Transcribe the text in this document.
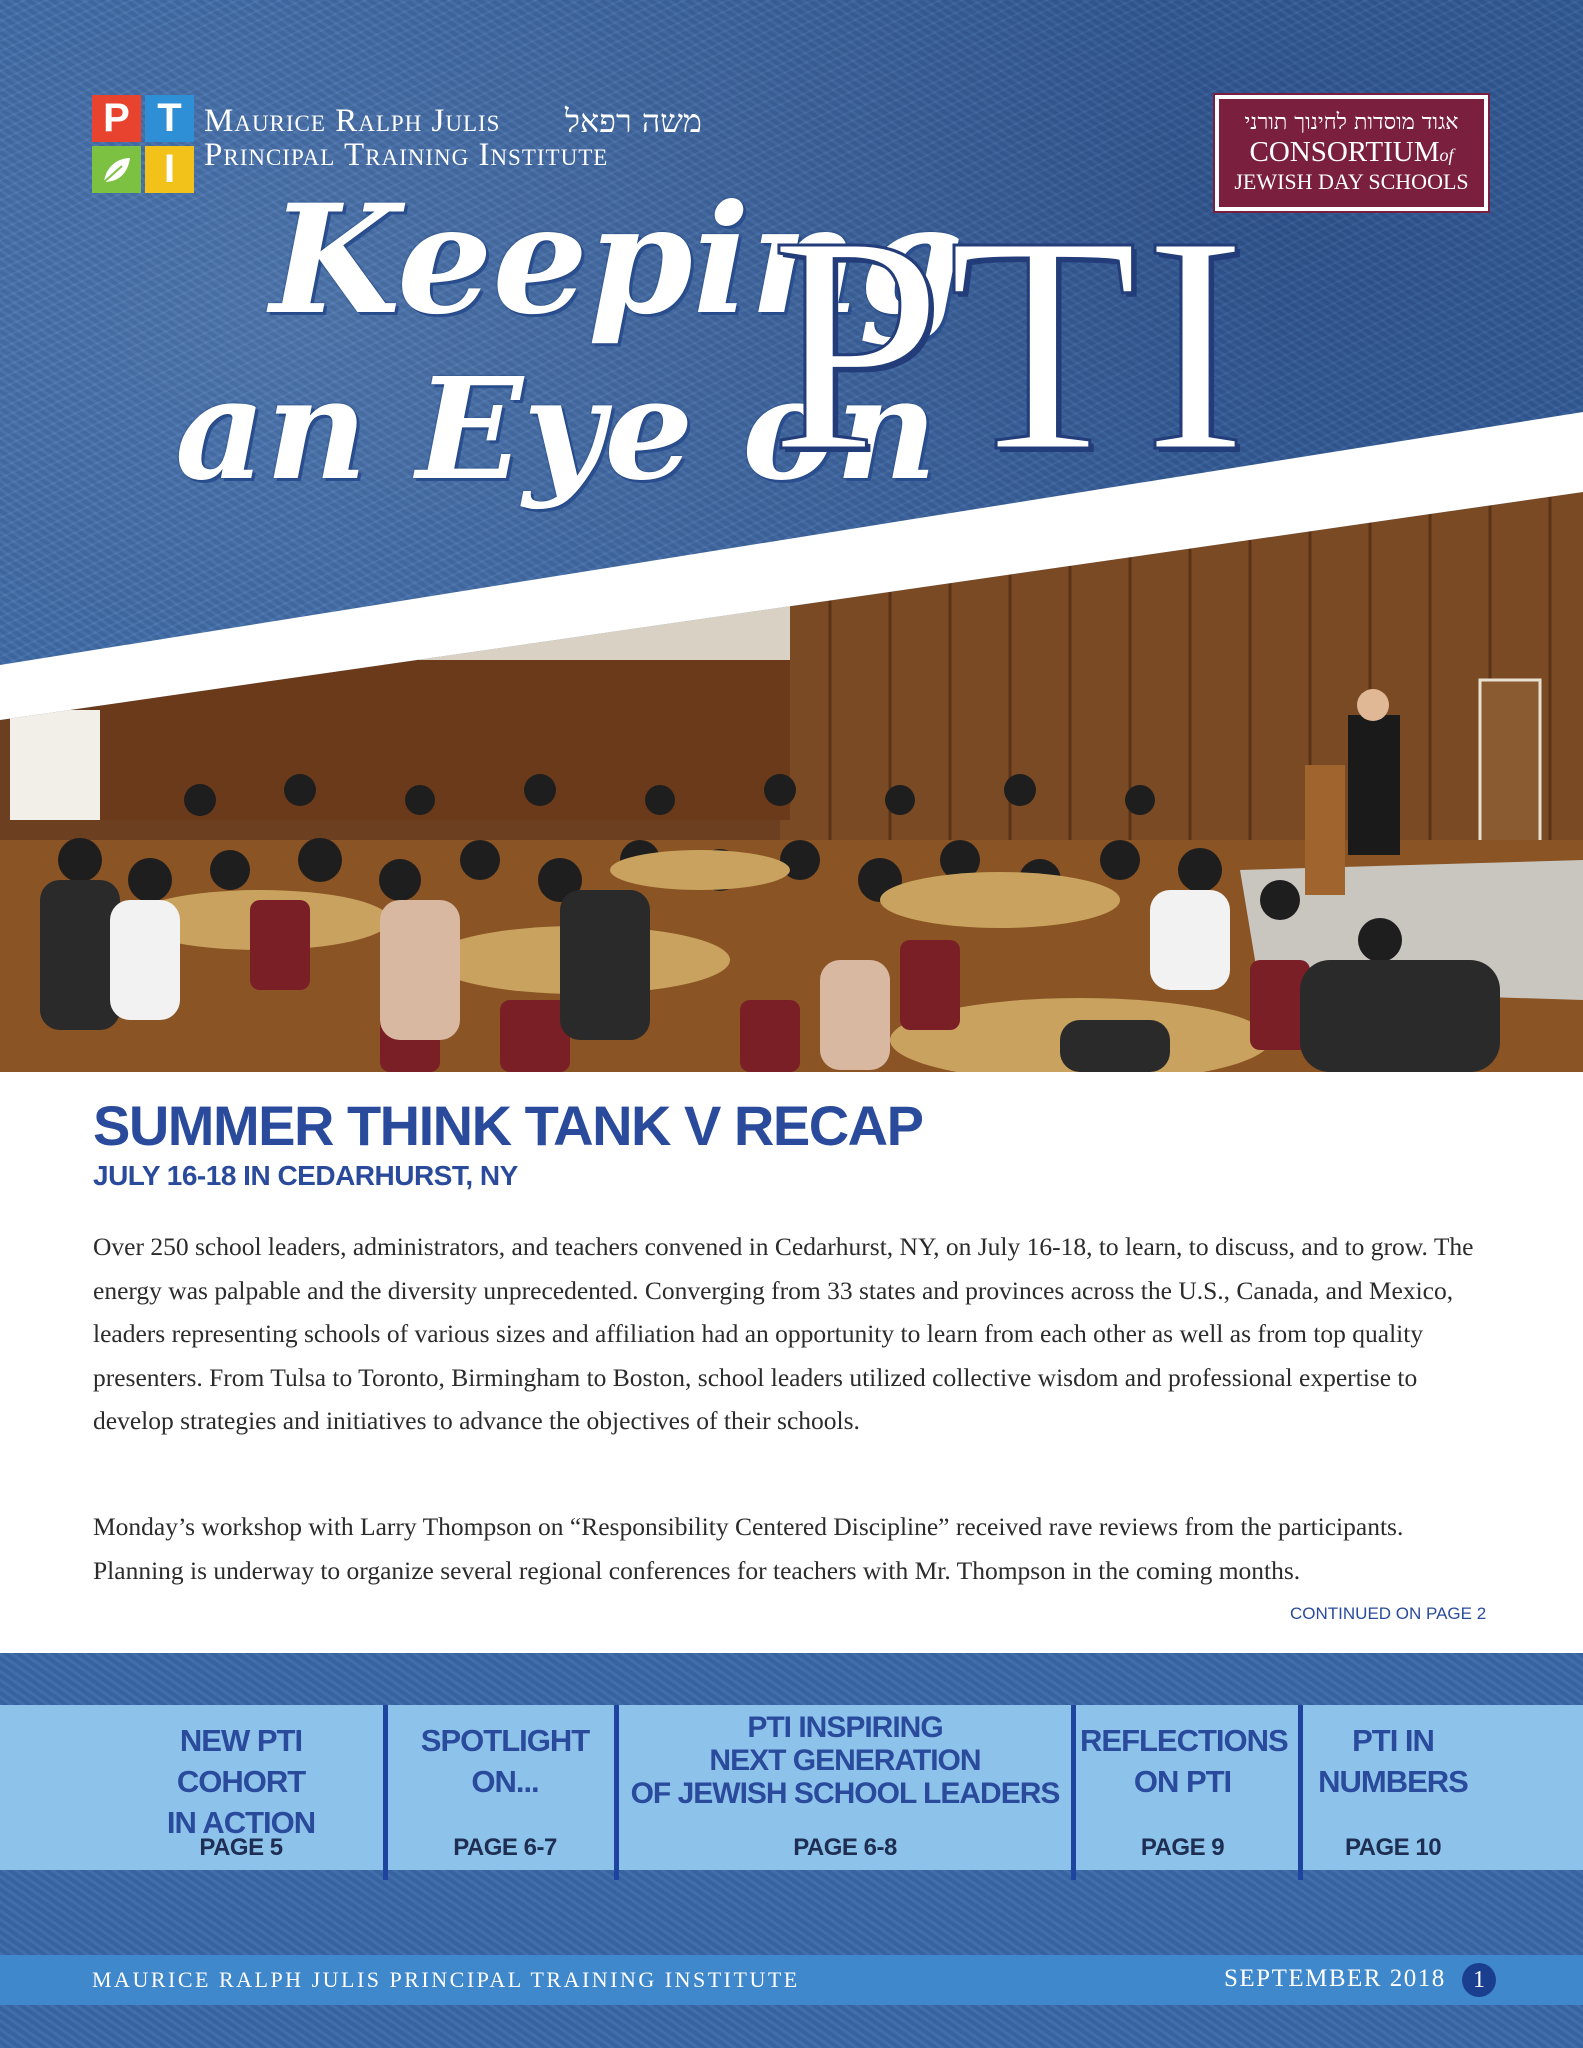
P T
I
Maurice Ralph Julis
Principal Training Institute
משה רפאל	אגוד מוסדות לחינוך תורני
CONSORTIUMof
JEWISH DAY SCHOOLS
Keeping
an Eye on
PTI
SUMMER THINK TANK V RECAP
JULY 16-18 IN CEDARHURST, NY

Over 250 school leaders, administrators, and teachers convened in Cedarhurst, NY, on July 16-18, to learn, to discuss, and to grow. The energy was palpable and the diversity unprecedented. Converging from 33 states and provinces across the U.S., Canada, and Mexico, leaders representing schools of various sizes and affiliation had an opportunity to learn from each other as well as from top quality presenters. From Tulsa to Toronto, Birmingham to Boston, school leaders utilized collective wisdom and professional expertise to develop strategies and initiatives to advance the objectives of their schools.

Monday’s workshop with Larry Thompson on “Responsibility Centered Discipline” received rave reviews from the participants. Planning is underway to organize several regional conferences for teachers with Mr. Thompson in the coming months.

CONTINUED ON PAGE 2
NEW PTI COHORT
IN ACTION
PAGE 5
SPOTLIGHT
ON...
PAGE 6-7
PTI INSPIRING
NEXT GENERATION
OF JEWISH SCHOOL LEADERS
PAGE 6-8
REFLECTIONS
ON PTI
PAGE 9
PTI IN
NUMBERS
PAGE 10
MAURICE RALPH JULIS PRINCIPAL TRAINING INSTITUTE	SEPTEMBER 2018	1
